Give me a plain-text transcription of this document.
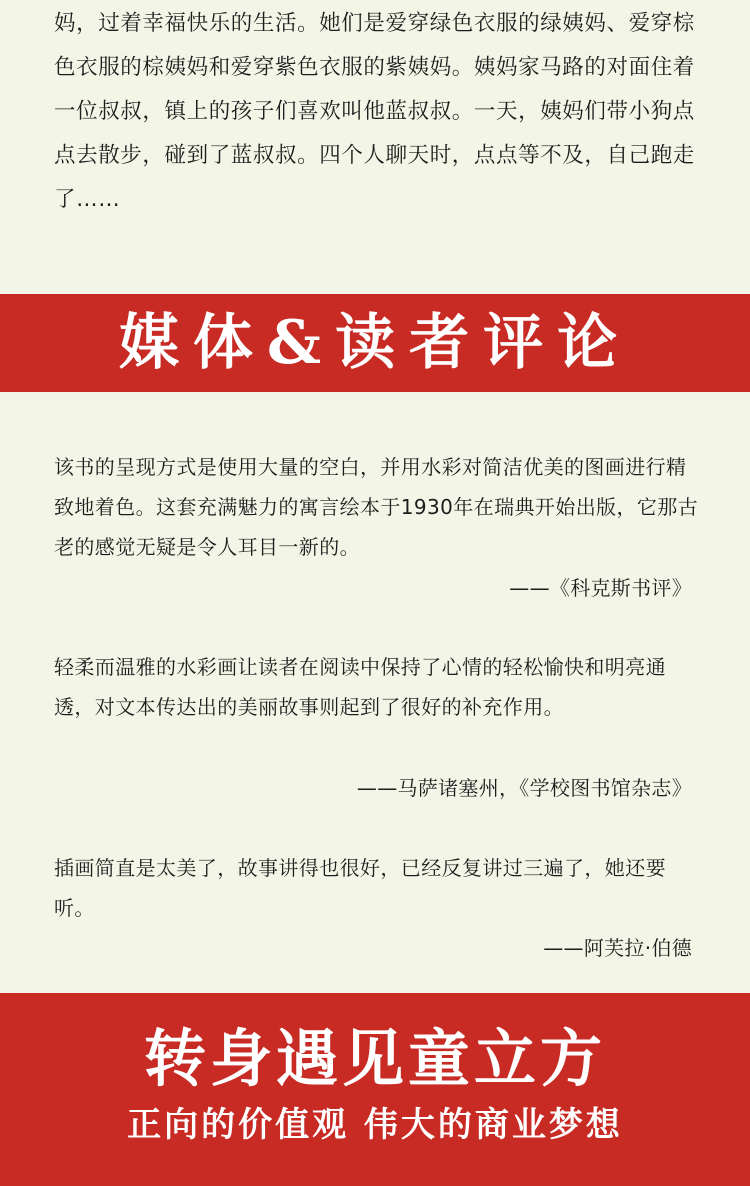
妈，过着幸福快乐的生活。她们是爱穿绿色衣服的绿姨妈、爱穿棕色衣服的棕姨妈和爱穿紫色衣服的紫姨妈。姨妈家马路的对面住着一位叔叔，镇上的孩子们喜欢叫他蓝叔叔。一天，姨妈们带小狗点点去散步，碰到了蓝叔叔。四个人聊天时，点点等不及，自己跑走了……

媒体&读者评论

该书的呈现方式是使用大量的空白，并用水彩对简洁优美的图画进行精致地着色。这套充满魅力的寓言绘本于1930年在瑞典开始出版，它那古老的感觉无疑是令人耳目一新的。

——《科克斯书评》

轻柔而温雅的水彩画让读者在阅读中保持了心情的轻松愉快和明亮通透，对文本传达出的美丽故事则起到了很好的补充作用。

——马萨诸塞州，《学校图书馆杂志》

插画简直是太美了，故事讲得也很好，已经反复讲过三遍了，她还要听。

——阿芙拉·伯德

转身遇见童立方

正向的价值观 伟大的商业梦想
